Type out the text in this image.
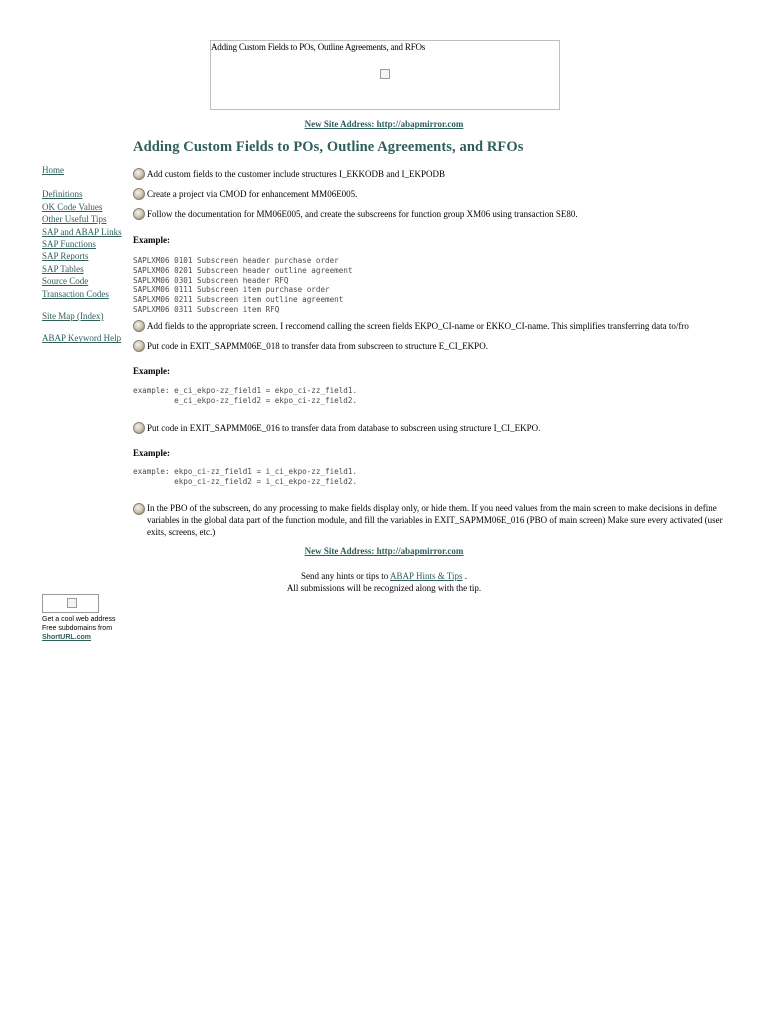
Adding Custom Fields to POs, Outline Agreements, and RFOs
New Site Address: http://abapmirror.com
Adding Custom Fields to POs, Outline Agreements, and RFOs
Home
Definitions
OK Code Values
Other Useful Tips
SAP and ABAP Links
SAP Functions
SAP Reports
SAP Tables
Source Code
Transaction Codes
Site Map (Index)
ABAP Keyword Help
Add custom fields to the customer include structures I_EKKODB and I_EKPODB
Create a project via CMOD for enhancement MM06E005.
Follow the documentation for MM06E005, and create the subscreens for function group XM06 using transaction SE80.
Example:
SAPLXM06 0101 Subscreen header purchase order
SAPLXM06 0201 Subscreen header outline agreement
SAPLXM06 0301 Subscreen header RFQ
SAPLXM06 0111 Subscreen item purchase order
SAPLXM06 0211 Subscreen item outline agreement
SAPLXM06 0311 Subscreen item RFQ
Add fields to the appropriate screen. I reccomend calling the screen fields EKPO_CI-name or EKKO_CI-name. This simplifies transferring data to/fro
Put code in EXIT_SAPMM06E_018 to transfer data from subscreen to structure E_CI_EKPO.
Example:
example: e_ci_ekpo-zz_field1 = ekpo_ci-zz_field1.
e_ci_ekpo-zz_field2 = ekpo_ci-zz_field2.
Put code in EXIT_SAPMM06E_016 to transfer data from database to subscreen using structure I_CI_EKPO.
Example:
example: ekpo_ci-zz_field1 = i_ci_ekpo-zz_field1.
ekpo_ci-zz_field2 = i_ci_ekpo-zz_field2.
In the PBO of the subscreen, do any processing to make fields display only, or hide them. If you need values from the main screen to make decisions in define variables in the global data part of the function module, and fill the variables in EXIT_SAPMM06E_016 (PBO of main screen) Make sure every activated (user exits, screens, etc.)
New Site Address: http://abapmirror.com
Send any hints or tips to ABAP Hints & Tips .
All submissions will be recognized along with the tip.
Get a cool web address
Free subdomains from
ShortURL.com
